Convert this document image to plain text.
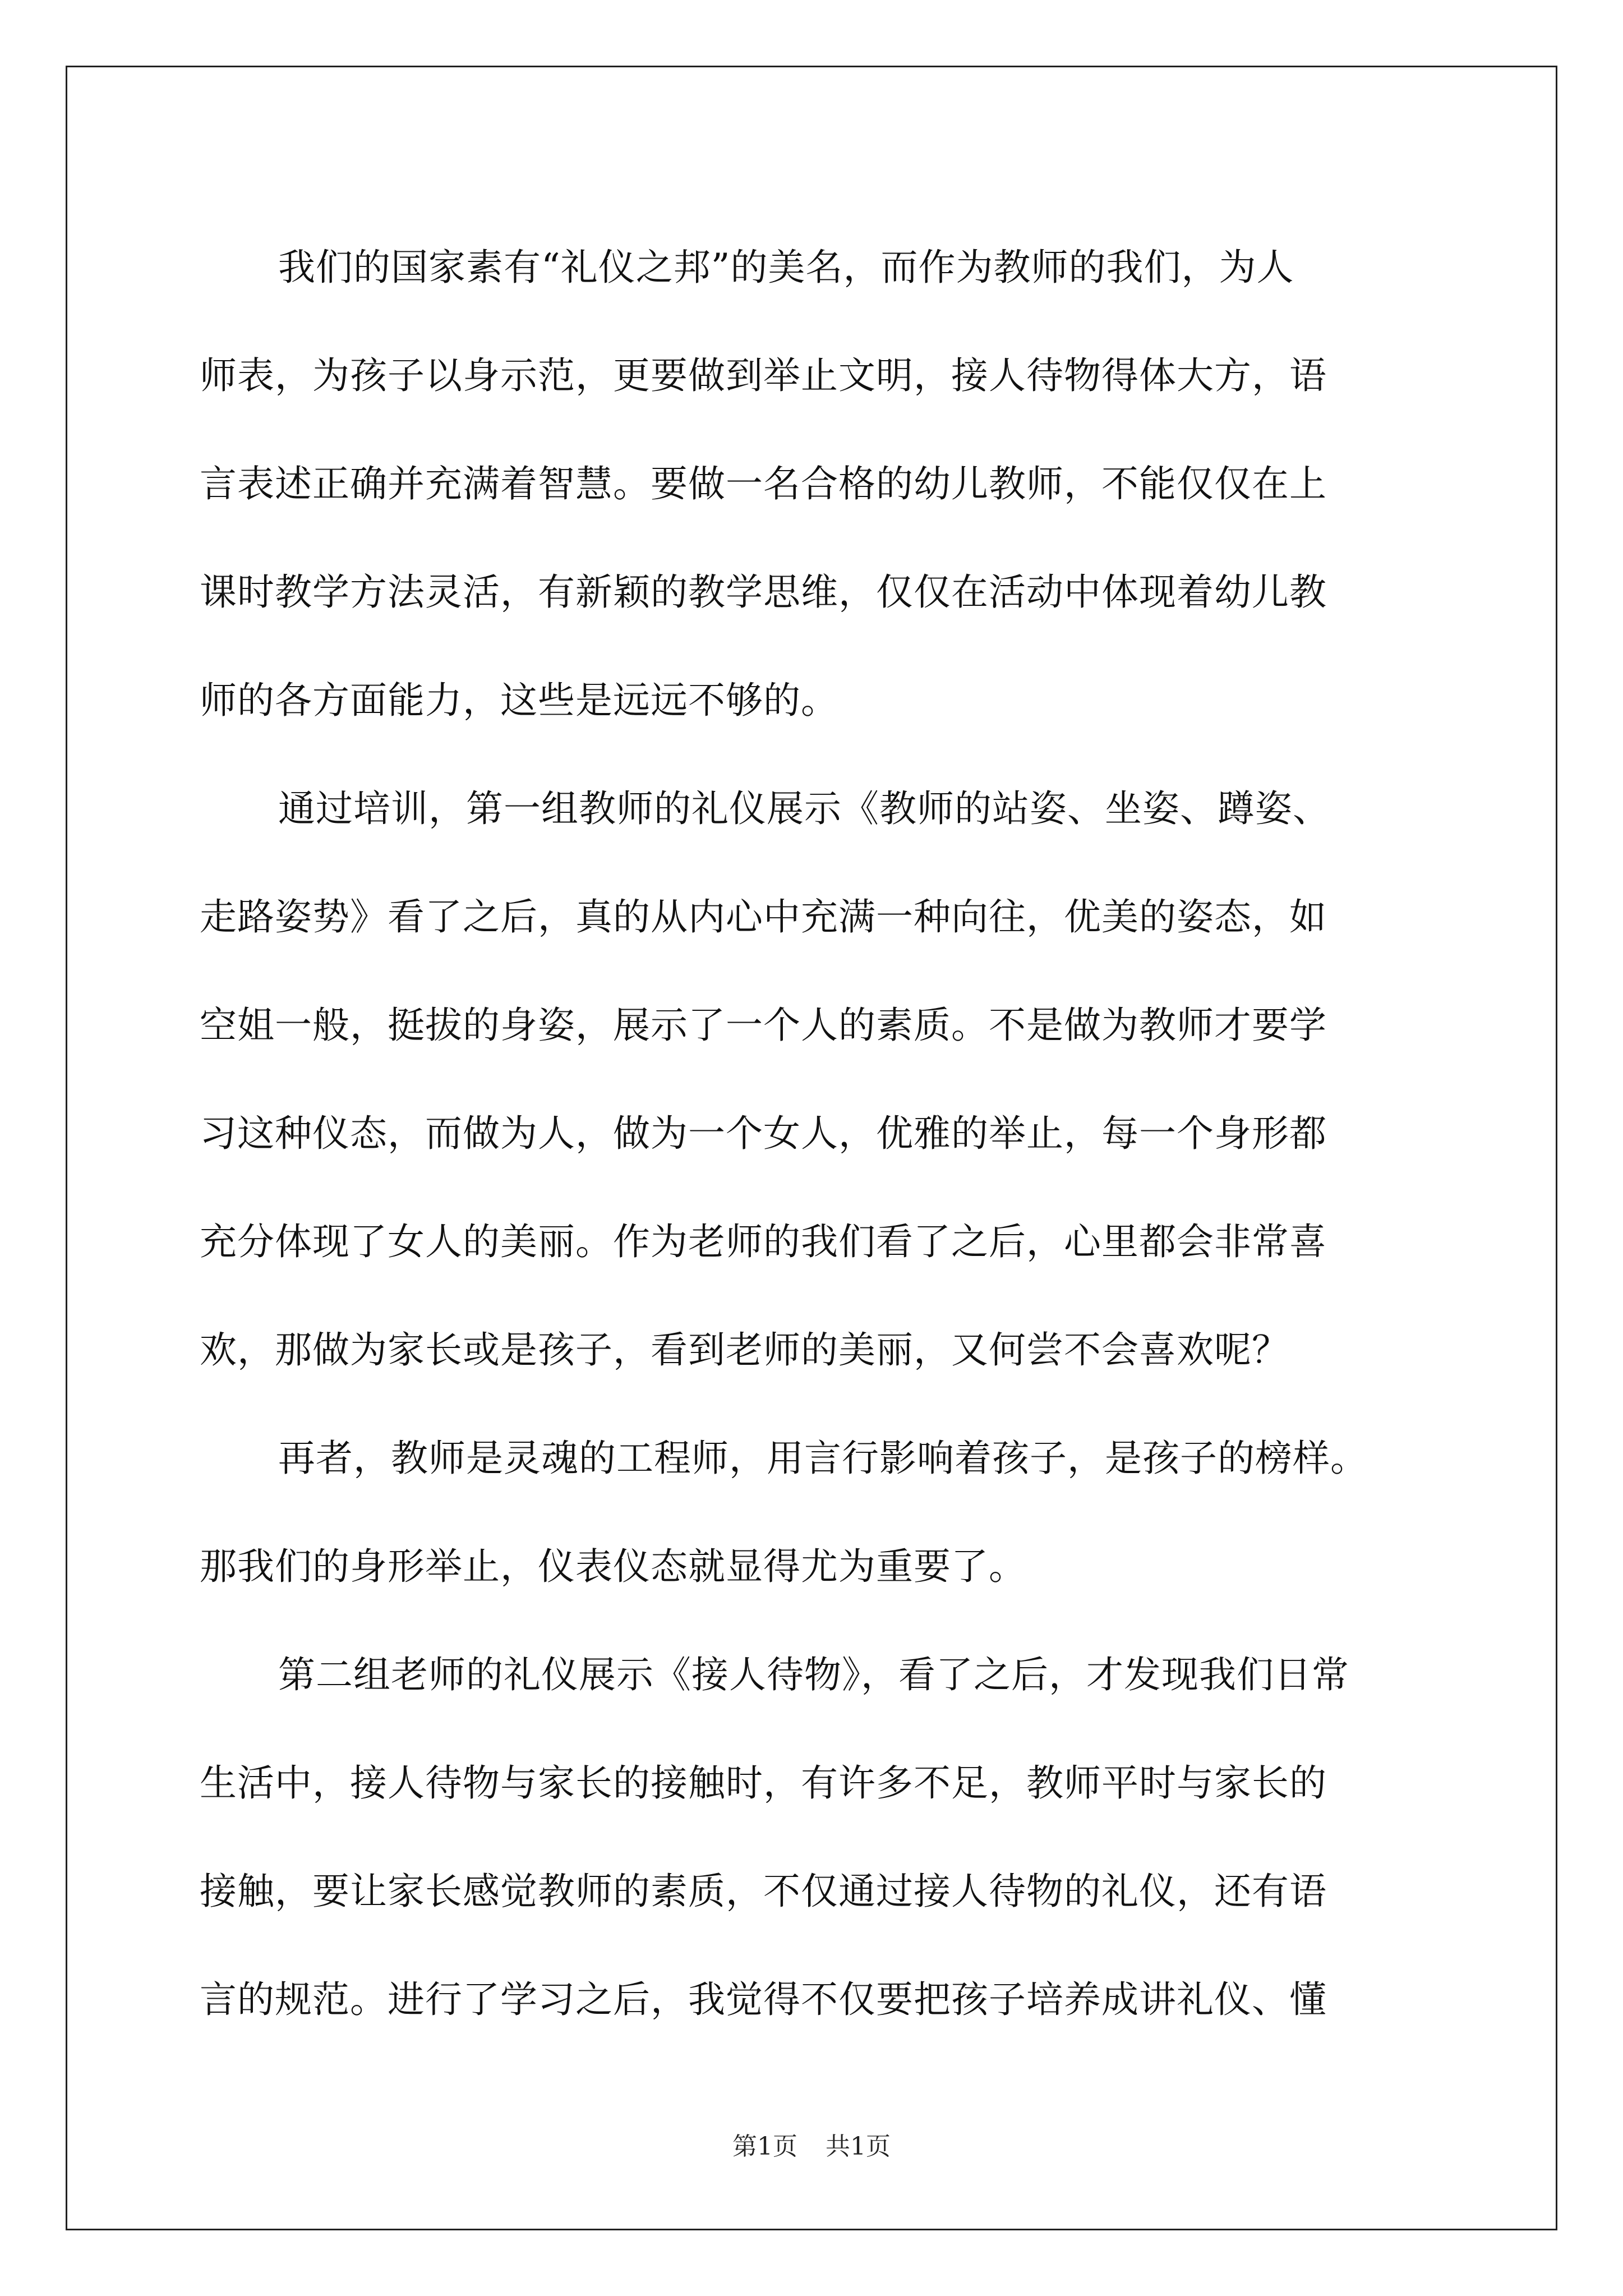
我们的国家素有“礼仪之邦”的美名，而作为教师的我们，为人
师表，为孩子以身示范，更要做到举止文明，接人待物得体大方，语
言表述正确并充满着智慧。要做一名合格的幼儿教师，不能仅仅在上
课时教学方法灵活，有新颖的教学思维，仅仅在活动中体现着幼儿教
师的各方面能力，这些是远远不够的。
通过培训，第一组教师的礼仪展示《教师的站姿、坐姿、蹲姿、
走路姿势》看了之后，真的从内心中充满一种向往，优美的姿态，如
空姐一般，挺拔的身姿，展示了一个人的素质。不是做为教师才要学
习这种仪态，而做为人，做为一个女人，优雅的举止，每一个身形都
充分体现了女人的美丽。作为老师的我们看了之后，心里都会非常喜
欢，那做为家长或是孩子，看到老师的美丽，又何尝不会喜欢呢？
再者，教师是灵魂的工程师，用言行影响着孩子，是孩子的榜样。
那我们的身形举止，仪表仪态就显得尤为重要了。
第二组老师的礼仪展示《接人待物》，看了之后，才发现我们日常
生活中，接人待物与家长的接触时，有许多不足，教师平时与家长的
接触，要让家长感觉教师的素质，不仅通过接人待物的礼仪，还有语
言的规范。进行了学习之后，我觉得不仅要把孩子培养成讲礼仪、懂
第1页 共1页
